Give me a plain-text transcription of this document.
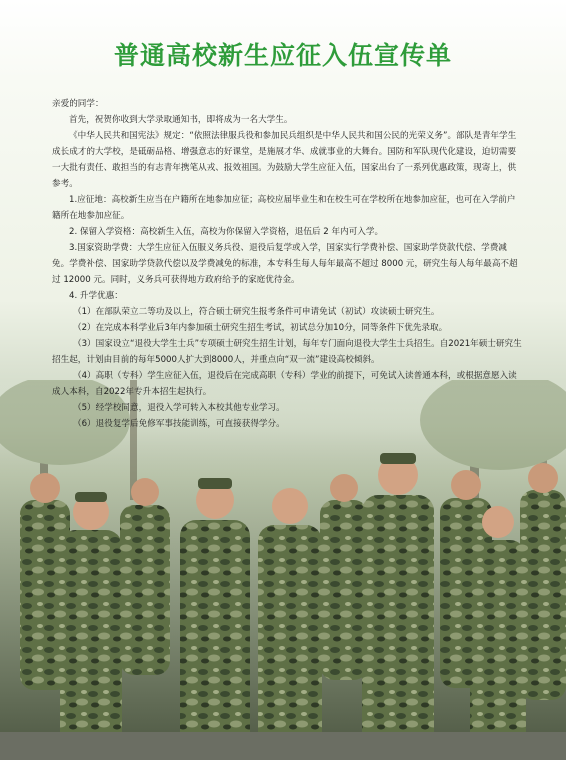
普通高校新生应征入伍宣传单

亲爱的同学：

首先，祝贺你收到大学录取通知书，即将成为一名大学生。

《中华人民共和国宪法》规定：“依照法律服兵役和参加民兵组织是中华人民共和国公民的光荣义务”。部队是青年学生成长成才的大学校，是砥砺品格、增强意志的好课堂，是施展才华、成就事业的大舞台。国防和军队现代化建设，迫切需要一大批有责任、敢担当的有志青年携笔从戎、报效祖国。为鼓励大学生应征入伍，国家出台了一系列优惠政策，现寄上，供参考。

1.应征地：高校新生应当在户籍所在地参加应征；高校应届毕业生和在校生可在学校所在地参加应征，也可在入学前户籍所在地参加应征。

2. 保留入学资格：高校新生入伍，高校为你保留入学资格，退伍后 2 年内可入学。

3.国家资助学费：大学生应征入伍服义务兵役、退役后复学或入学，国家实行学费补偿、国家助学贷款代偿、学费减免。学费补偿、国家助学贷款代偿以及学费减免的标准，本专科生每人每年最高不超过 8000 元，研究生每人每年最高不超过 12000 元。同时，义务兵可获得地方政府给予的家庭优待金。

4. 升学优惠：

（1）在部队荣立二等功及以上，符合硕士研究生报考条件可申请免试（初试）攻读硕士研究生。

（2）在完成本科学业后3年内参加硕士研究生招生考试，初试总分加10分，同等条件下优先录取。

（3）国家设立“退役大学生士兵”专项硕士研究生招生计划，每年专门面向退役大学生士兵招生。自2021年硕士研究生招生起，计划由目前的每年5000人扩大到8000人，并重点向“双一流”建设高校倾斜。

（4）高职（专科）学生应征入伍，退役后在完成高职（专科）学业的前提下，可免试入读普通本科，或根据意愿入读成人本科，自2022年专升本招生起执行。

（5）经学校同意，退役入学可转入本校其他专业学习。

（6）退役复学后免修军事技能训练，可直接获得学分。
